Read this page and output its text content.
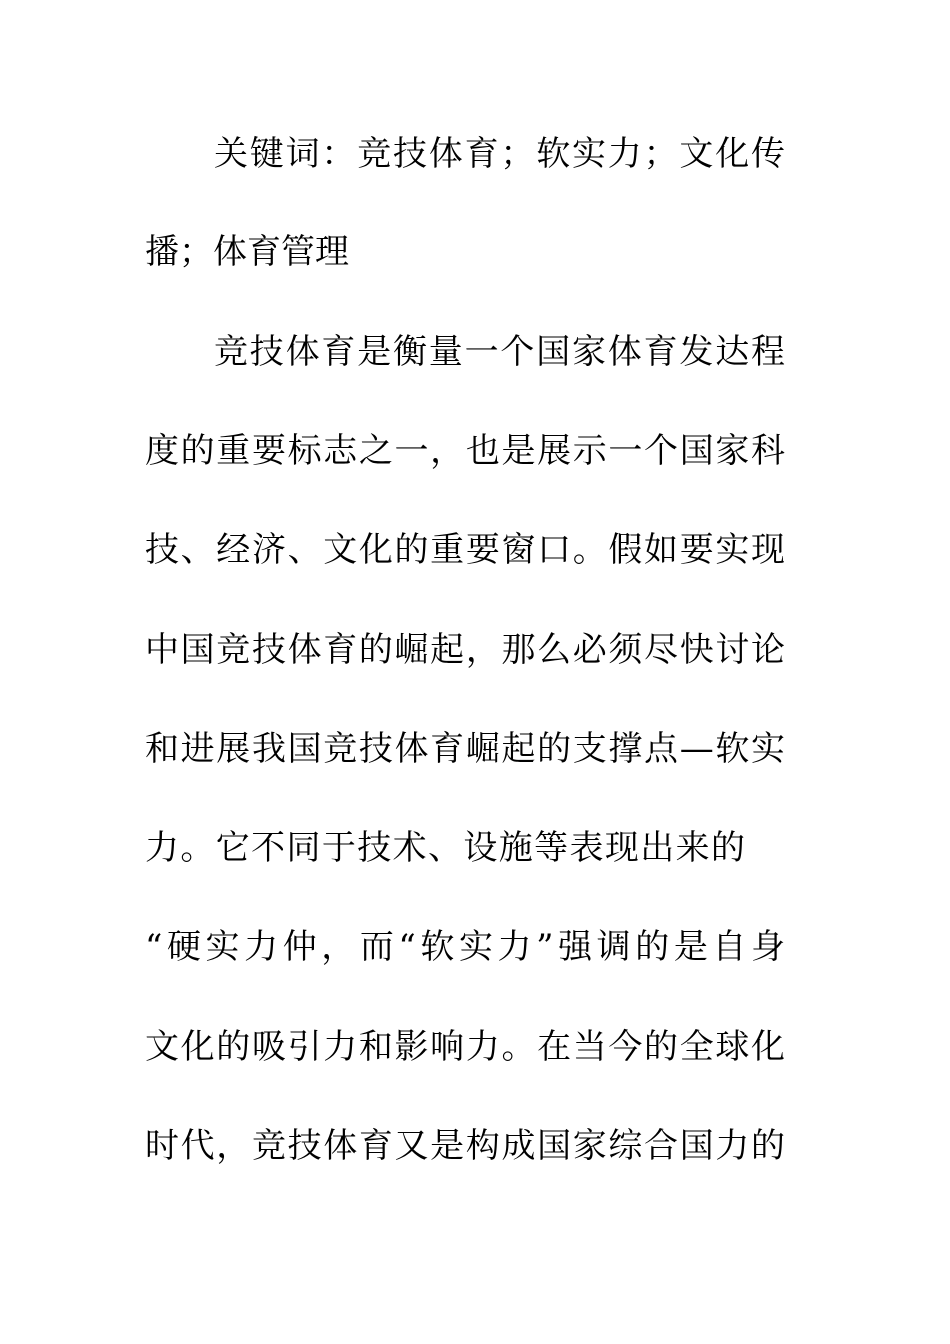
关键词：竞技体育；软实力；文化传
播；体育管理
竞技体育是衡量一个国家体育发达程
度的重要标志之一，也是展示一个国家科
技、经济、文化的重要窗口。假如要实现
中国竞技体育的崛起，那么必须尽快讨论
和进展我国竞技体育崛起的支撑点—软实
力。它不同于技术、设施等表现出来的
“硬实力仲，而“软实力”强调的是自身
文化的吸引力和影响力。在当今的全球化
时代，竞技体育又是构成国家综合国力的
